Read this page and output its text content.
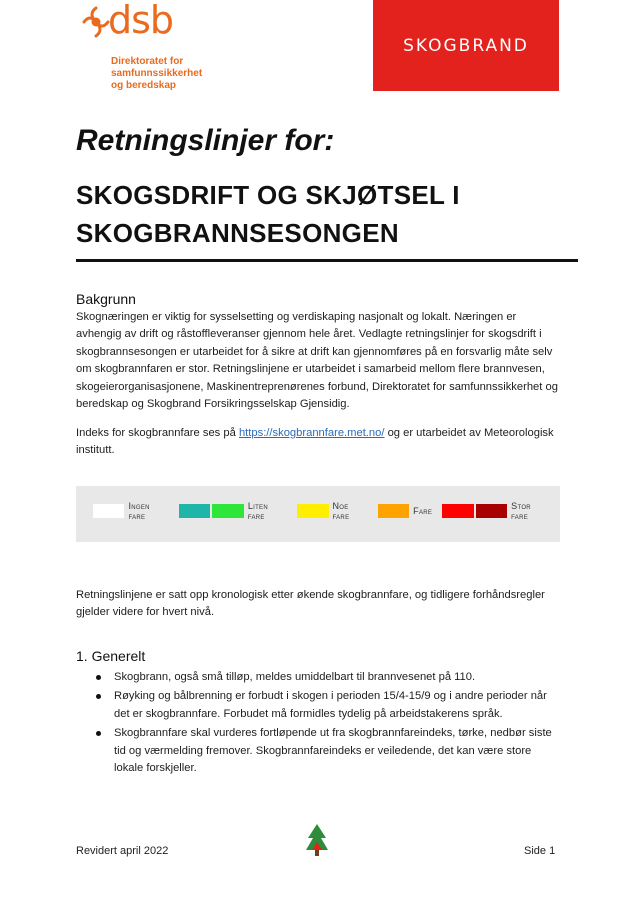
dsb
Direktoratet for
samfunnssikkerhet
og beredskap
SKOGBRAND
Retningslinjer for:
SKOGSDRIFT OG SKJØTSEL I SKOGBRANNSESONGEN
Bakgrunn

Skognæringen er viktig for sysselsetting og verdiskaping nasjonalt og lokalt. Næringen er avhengig av drift og råstoffleveranser gjennom hele året. Vedlagte retningslinjer for skogsdrift i skogbrannsesongen er utarbeidet for å sikre at drift kan gjennomføres på en forsvarlig måte selv om skogbrannfaren er stor. Retningslinjene er utarbeidet i samarbeid mellom flere brannvesen, skogeierorganisasjonene, Maskinentreprenørenes forbund, Direktoratet for samfunnssikkerhet og beredskap og Skogbrand Forsikringsselskap Gjensidig.

Indeks for skogbrannfare ses på https://skogbrannfare.met.no/ og er utarbeidet av Meteorologisk institutt.

Ingen fare
Liten fare
Noe fare	Fare	Stor fare

Retningslinjene er satt opp kronologisk etter økende skogbrannfare, og tidligere forhåndsregler gjelder videre for hvert nivå.

1. Generelt
Skogbrann, også små tilløp, meldes umiddelbart til brannvesenet på 110.
Røyking og bålbrenning er forbudt i skogen i perioden 15/4-15/9 og i andre perioder når det er skogbrannfare. Forbudet må formidles tydelig på arbeidstakerens språk.
Skogbrannfare skal vurderes fortløpende ut fra skogbrannfareindeks, tørke, nedbør siste tid og værmelding fremover. Skogbrannfareindeks er veiledende, det kan være store lokale forskjeller.
Revidert april 2022	Side 1
